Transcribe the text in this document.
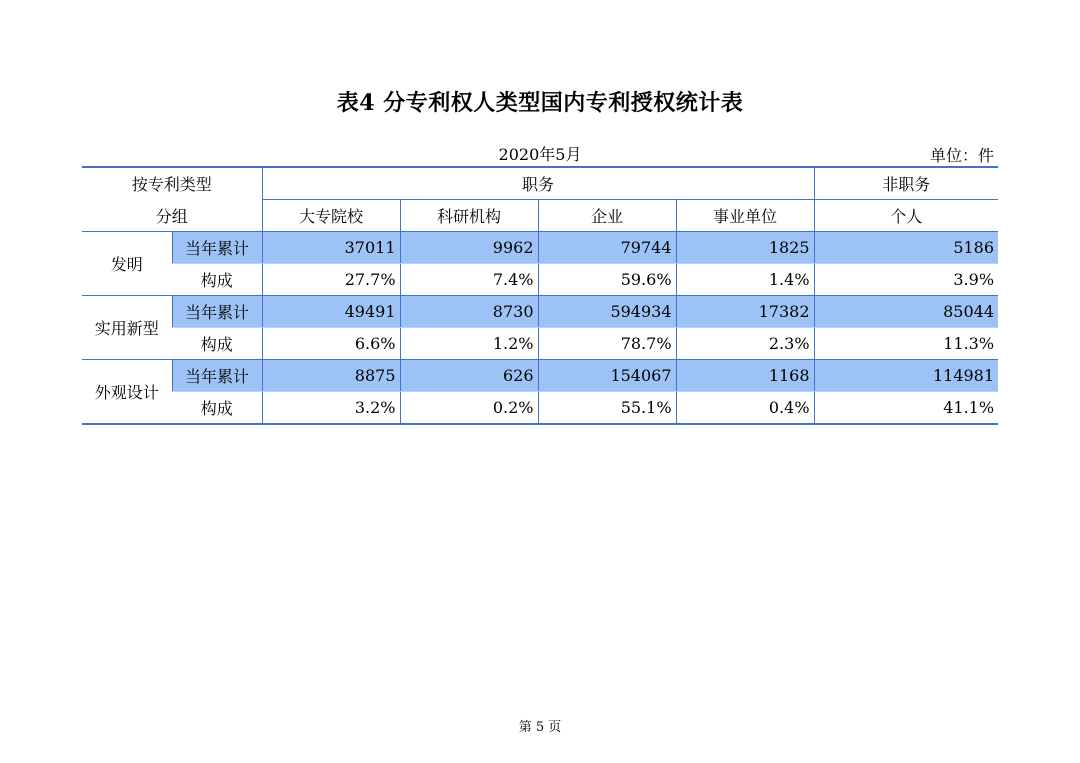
表4 分专利权人类型国内专利授权统计表
2020年5月	单位：件
按专利类型		职务				非职务
分组		大专院校	科研机构	企业	事业单位	个人
发明	当年累计	37011	9962	79744	1825	5186
	构成	27.7%	7.4%	59.6%	1.4%	3.9%
实用新型	当年累计	49491	8730	594934	17382	85044
	构成	6.6%	1.2%	78.7%	2.3%	11.3%
外观设计	当年累计	8875	626	154067	1168	114981
	构成	3.2%	0.2%	55.1%	0.4%	41.1%
第 5 页
